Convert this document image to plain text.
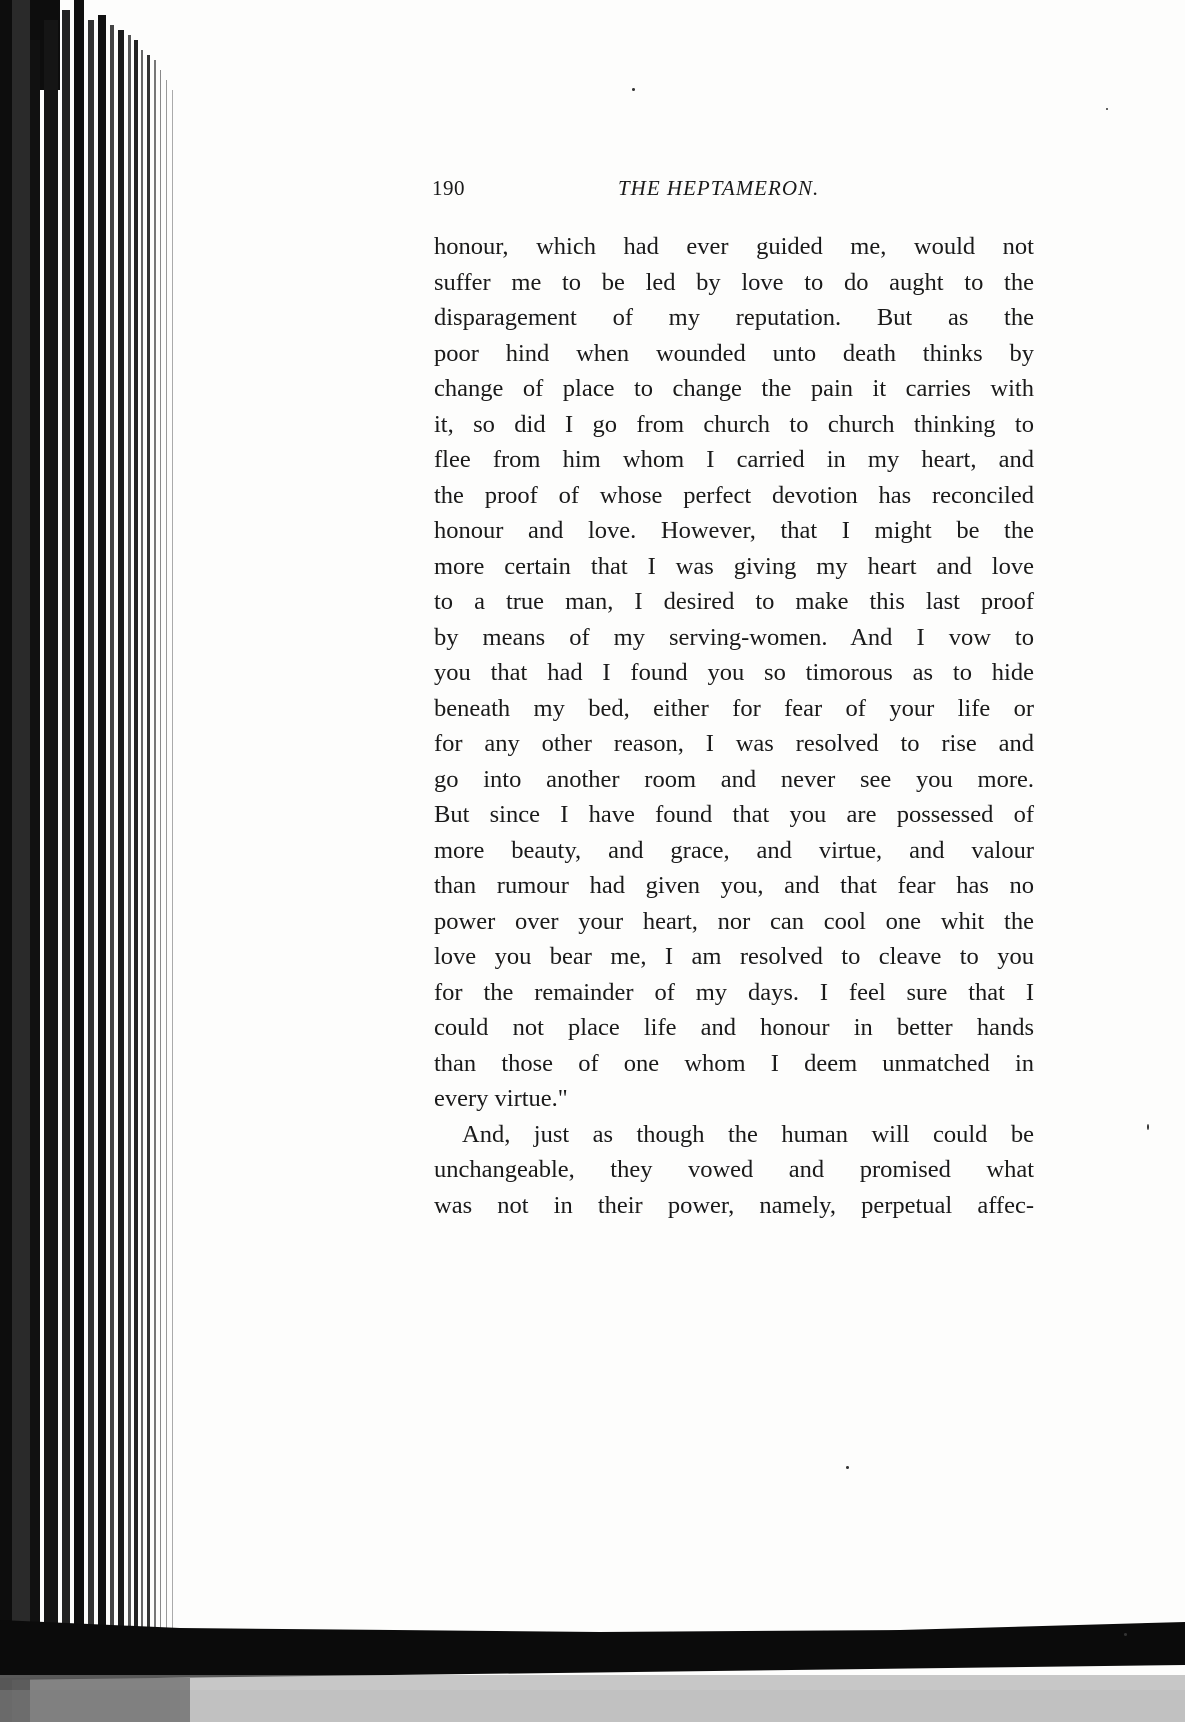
190	THE HEPTAMERON.
honour, which had ever guided me, would not
suffer me to be led by love to do aught to the
disparagement of my reputation. But as the
poor hind when wounded unto death thinks by
change of place to change the pain it carries with
it, so did I go from church to church thinking to
flee from him whom I carried in my heart, and
the proof of whose perfect devotion has reconciled
honour and love. However, that I might be the
more certain that I was giving my heart and love
to a true man, I desired to make this last proof
by means of my serving-women. And I vow to
you that had I found you so timorous as to hide
beneath my bed, either for fear of your life or
for any other reason, I was resolved to rise and
go into another room and never see you more.
But since I have found that you are possessed of
more beauty, and grace, and virtue, and valour
than rumour had given you, and that fear has no
power over your heart, nor can cool one whit the
love you bear me, I am resolved to cleave to you
for the remainder of my days. I feel sure that I
could not place life and honour in better hands
than those of one whom I deem unmatched in
every virtue."
And, just as though the human will could be
unchangeable, they vowed and promised what
was not in their power, namely, perpetual affec-
